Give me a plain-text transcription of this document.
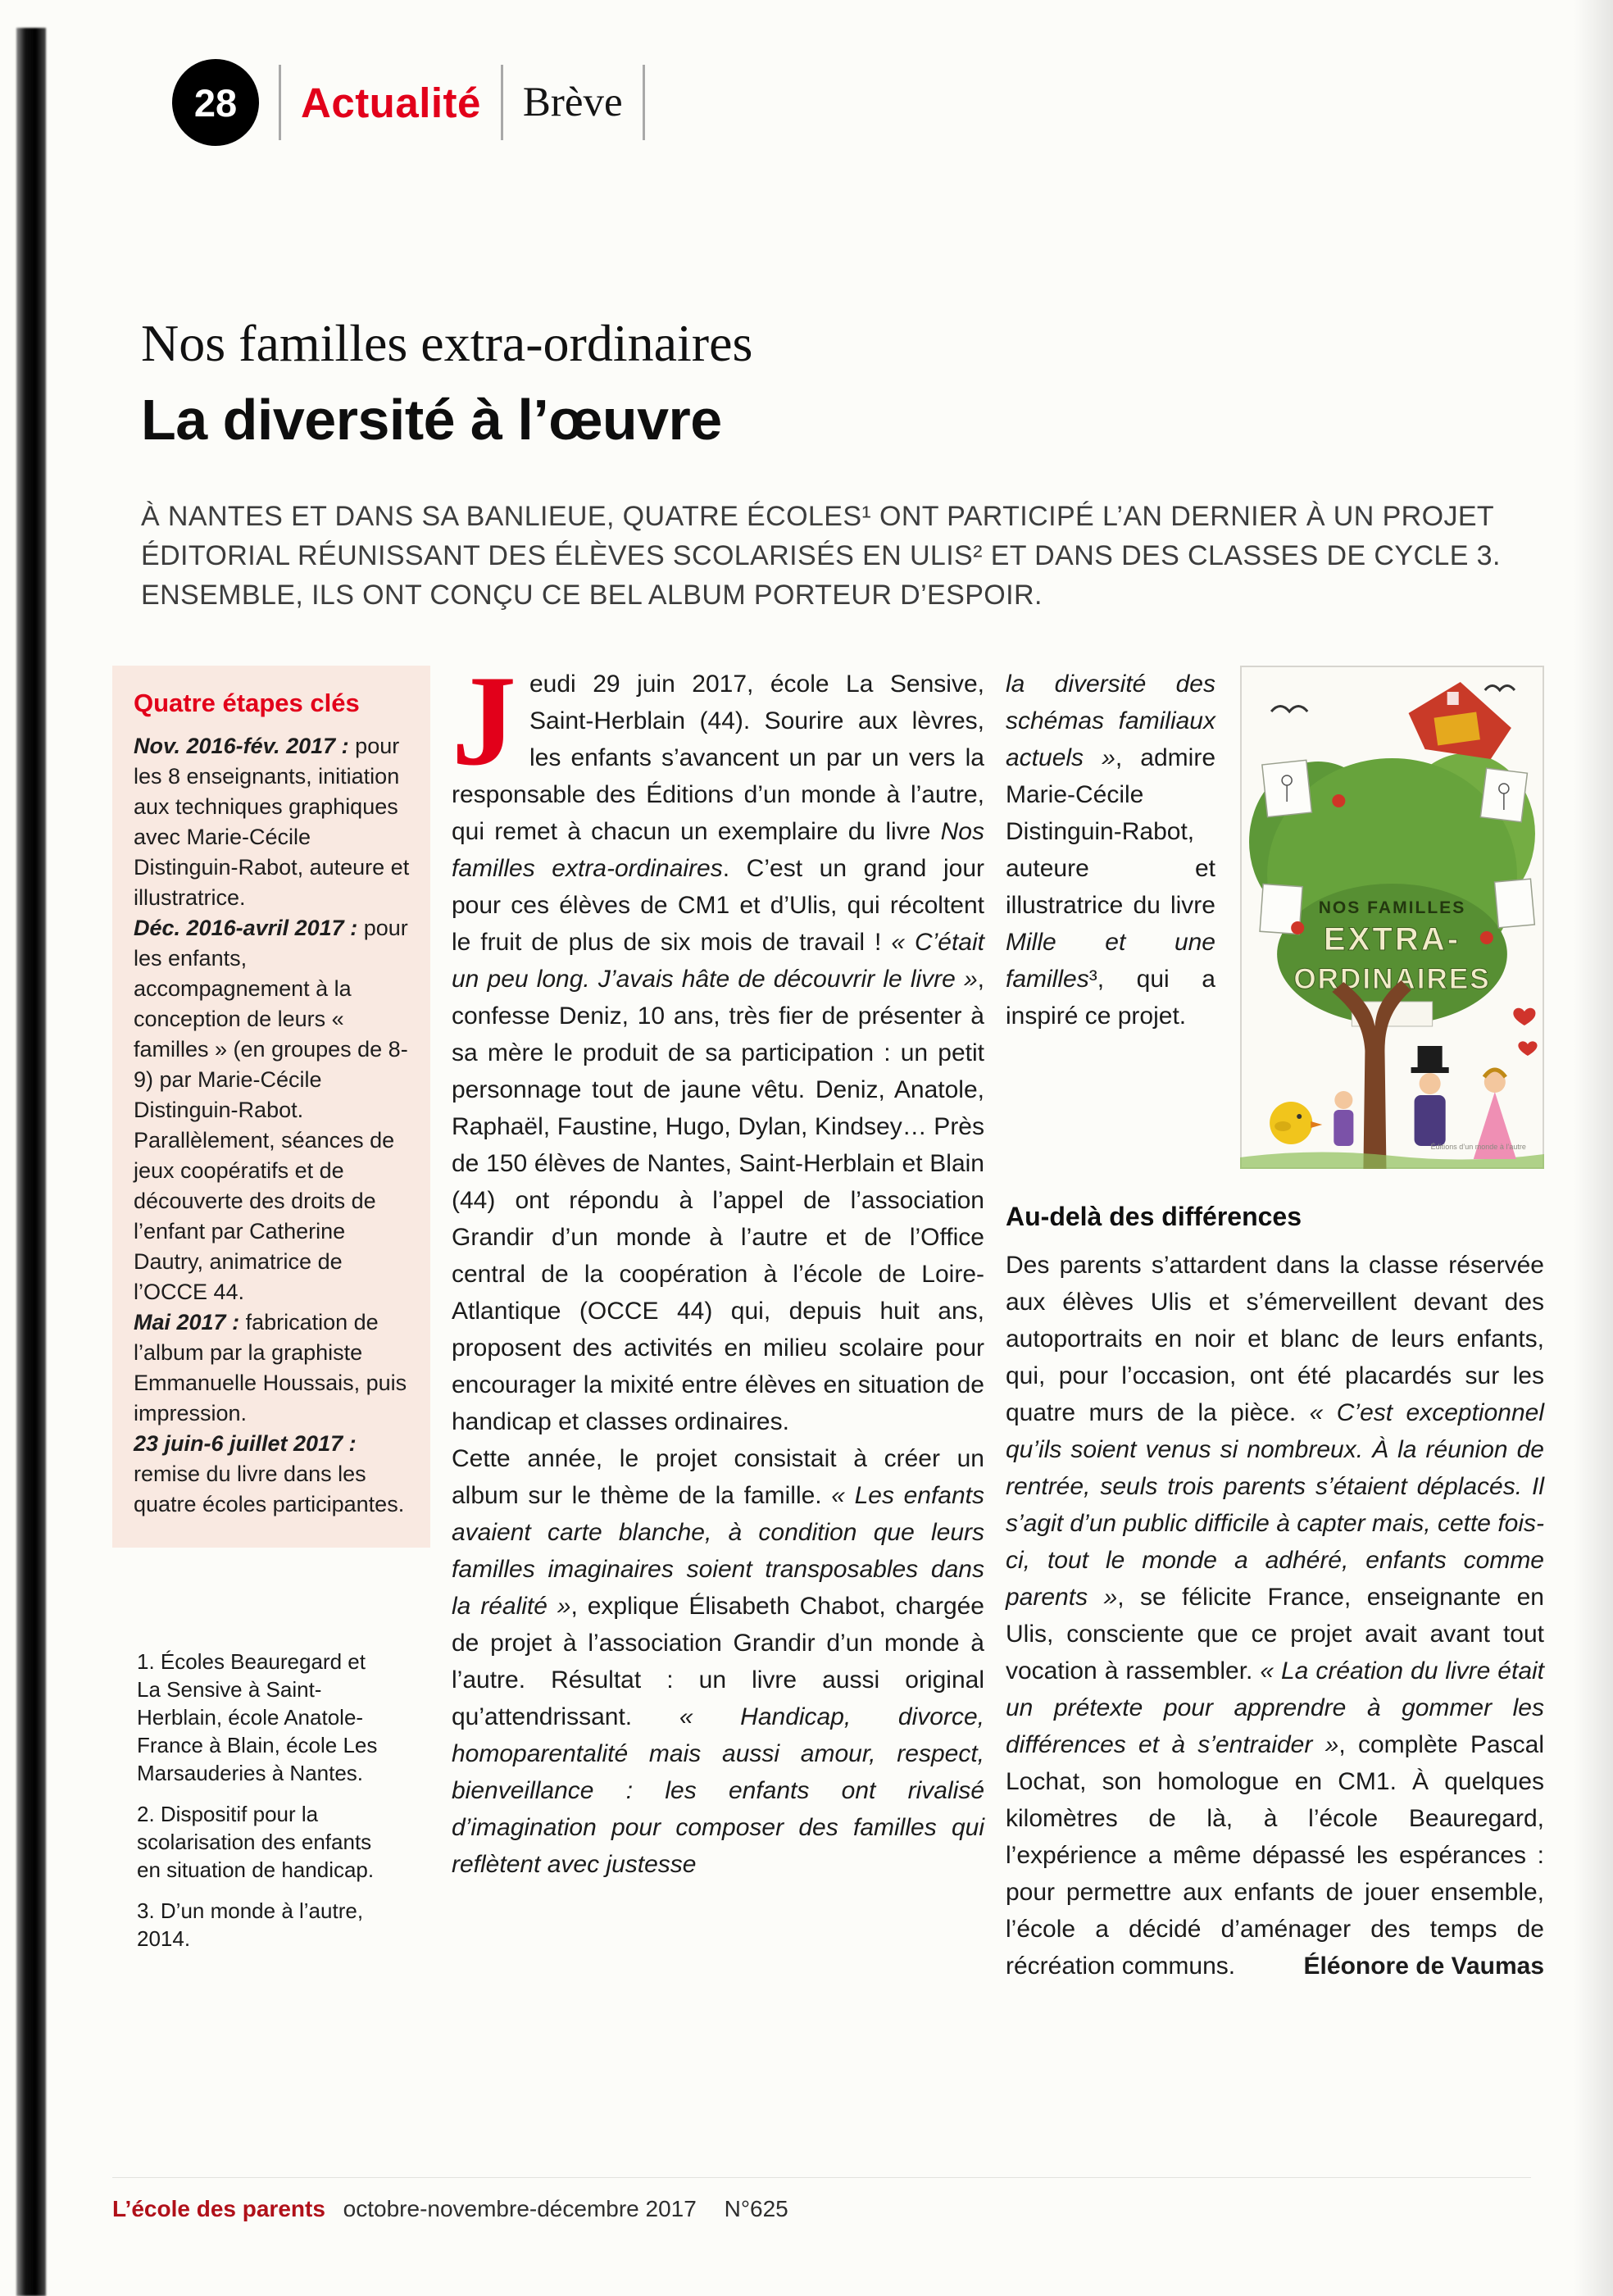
28 Actualité Brève
Nos familles extra-ordinaires
La diversité à l’œuvre

À NANTES ET DANS SA BANLIEUE, QUATRE ÉCOLES¹ ONT PARTICIPÉ L’AN DERNIER À UN PROJET ÉDITORIAL RÉUNISSANT DES ÉLÈVES SCOLARISÉS EN ULIS² ET DANS DES CLASSES DE CYCLE 3. ENSEMBLE, ILS ONT CONÇU CE BEL ALBUM PORTEUR D’ESPOIR.

Quatre étapes clés

Nov. 2016-fév. 2017 : pour les 8 enseignants, initiation aux techniques graphiques avec Marie-Cécile Distinguin-Rabot, auteure et illustratrice.

Déc. 2016-avril 2017 : pour les enfants, accompagnement à la conception de leurs « familles » (en groupes de 8-9) par Marie-Cécile Distinguin-Rabot. Parallèlement, séances de jeux coopératifs et de découverte des droits de l’enfant par Catherine Dautry, animatrice de l’OCCE 44.

Mai 2017 : fabrication de l’album par la graphiste Emmanuelle Houssais, puis impression.

23 juin-6 juillet 2017 : remise du livre dans les quatre écoles participantes.

1. Écoles Beauregard et La Sensive à Saint-Herblain, école Anatole-France à Blain, école Les Marsauderies à Nantes.

2. Dispositif pour la scolarisation des enfants en situation de handicap.

3. D’un monde à l’autre, 2014.

Jeudi 29 juin 2017, école La Sensive, Saint-Herblain (44). Sourire aux lèvres, les enfants s’avancent un par un vers la responsable des Éditions d’un monde à l’autre, qui remet à chacun un exemplaire du livre Nos familles extra-ordinaires. C’est un grand jour pour ces élèves de CM1 et d’Ulis, qui récoltent le fruit de plus de six mois de travail ! « C’était un peu long. J’avais hâte de découvrir le livre », confesse Deniz, 10 ans, très fier de présenter à sa mère le produit de sa participation : un petit personnage tout de jaune vêtu. Deniz, Anatole, Raphaël, Faustine, Hugo, Dylan, Kindsey… Près de 150 élèves de Nantes, Saint-Herblain et Blain (44) ont répondu à l’appel de l’association Grandir d’un monde à l’autre et de l’Office central de la coopération à l’école de Loire-Atlantique (OCCE 44) qui, depuis huit ans, proposent des activités en milieu scolaire pour encourager la mixité entre élèves en situation de handicap et classes ordinaires.

Cette année, le projet consistait à créer un album sur le thème de la famille. « Les enfants avaient carte blanche, à condition que leurs familles imaginaires soient transposables dans la réalité », explique Élisabeth Chabot, chargée de projet à l’association Grandir d’un monde à l’autre. Résultat : un livre aussi original qu’attendrissant. « Handicap, divorce, homoparentalité mais aussi amour, respect, bienveillance : les enfants ont rivalisé d’imagination pour composer des familles qui reflètent avec justesse

la diversité des schémas familiaux actuels », admire Marie-Cécile Distinguin-Rabot, auteure et illustratrice du livre Mille et une familles³, qui a inspiré ce projet.

NOS FAMILLES
EXTRA-
ORDINAIRES
Éditions d’un monde à l’autre
Au-delà des différences

Des parents s’attardent dans la classe réservée aux élèves Ulis et s’émerveillent devant des autoportraits en noir et blanc de leurs enfants, qui, pour l’occasion, ont été placardés sur les quatre murs de la pièce. « C’est exceptionnel qu’ils soient venus si nombreux. À la réunion de rentrée, seuls trois parents s’étaient déplacés. Il s’agit d’un public difficile à capter mais, cette fois-ci, tout le monde a adhéré, enfants comme parents », se félicite France, enseignante en Ulis, consciente que ce projet avait avant tout vocation à rassembler. « La création du livre était un prétexte pour apprendre à gommer les différences et à s’entraider », complète Pascal Lochat, son homologue en CM1. À quelques kilomètres de là, à l’école Beauregard, l’expérience a même dépassé les espérances : pour permettre aux enfants de jouer ensemble, l’école a décidé d’aménager des temps de récréation communs.	Éléonore de Vaumas

L’école des parents octobre-novembre-décembre 2017 N°625
